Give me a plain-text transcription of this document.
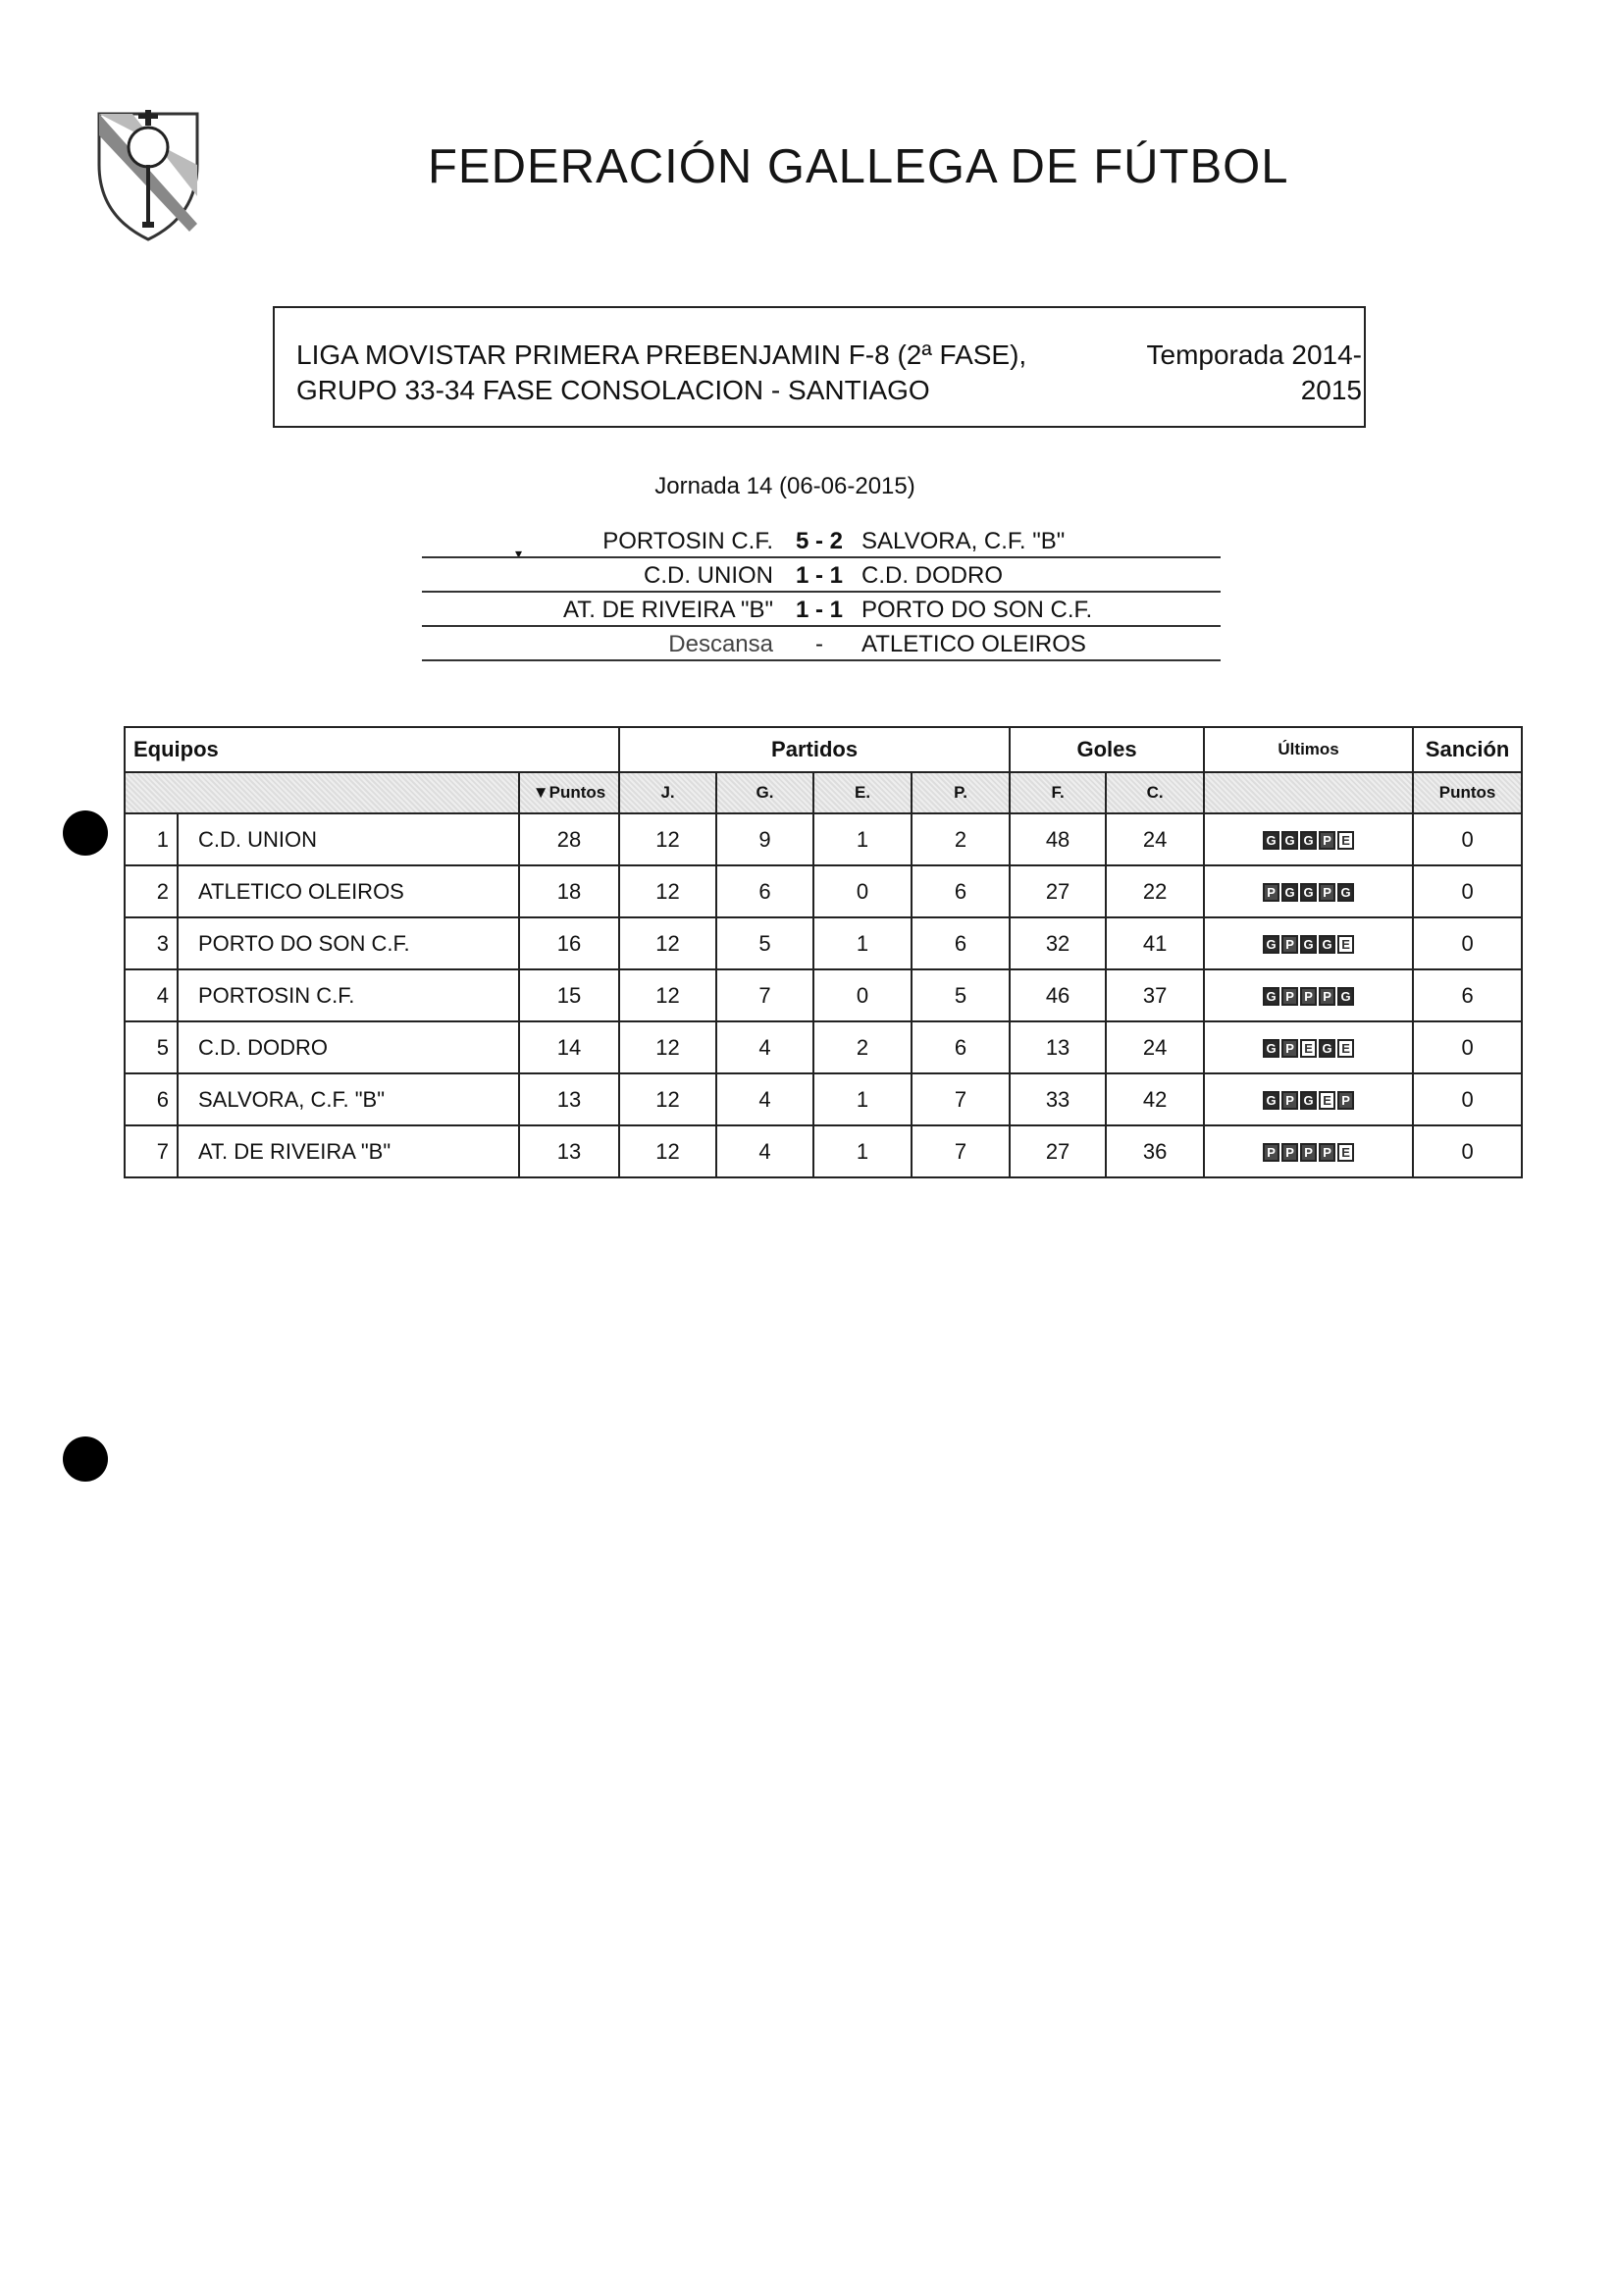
FEDERACIÓN GALLEGA DE FÚTBOL
LIGA MOVISTAR PRIMERA PREBENJAMIN F-8 (2ª FASE), GRUPO 33-34 FASE CONSOLACION - SANTIAGO
Temporada 2014-2015
Jornada 14 (06-06-2015)
▾	PORTOSIN C.F. 5 - 2 SALVORA, C.F. "B"
C.D. UNION 1 - 1 C.D. DODRO
AT. DE RIVEIRA "B" 1 - 1 PORTO DO SON C.F.
Descansa	-	ATLETICO OLEIROS
Equipos			Partidos				Goles		Últimos	Sanción
		▼Puntos	J.	G.	E.	P.	F.	C.		Puntos
1	C.D. UNION	28	12	9	1	2	48	24	G G G P E	0
2	ATLETICO OLEIROS	18	12	6	0	6	27	22	P G G P G	0
3	PORTO DO SON C.F.	16	12	5	1	6	32	41	G P G G E	0
4	PORTOSIN C.F.	15	12	7	0	5	46	37	G P P P G	6
5	C.D. DODRO	14	12	4	2	6	13	24	G P E G E	0
6	SALVORA, C.F. "B"	13	12	4	1	7	33	42	G P G E P	0
7	AT. DE RIVEIRA "B"	13	12	4	1	7	27	36	P P P P E	0
